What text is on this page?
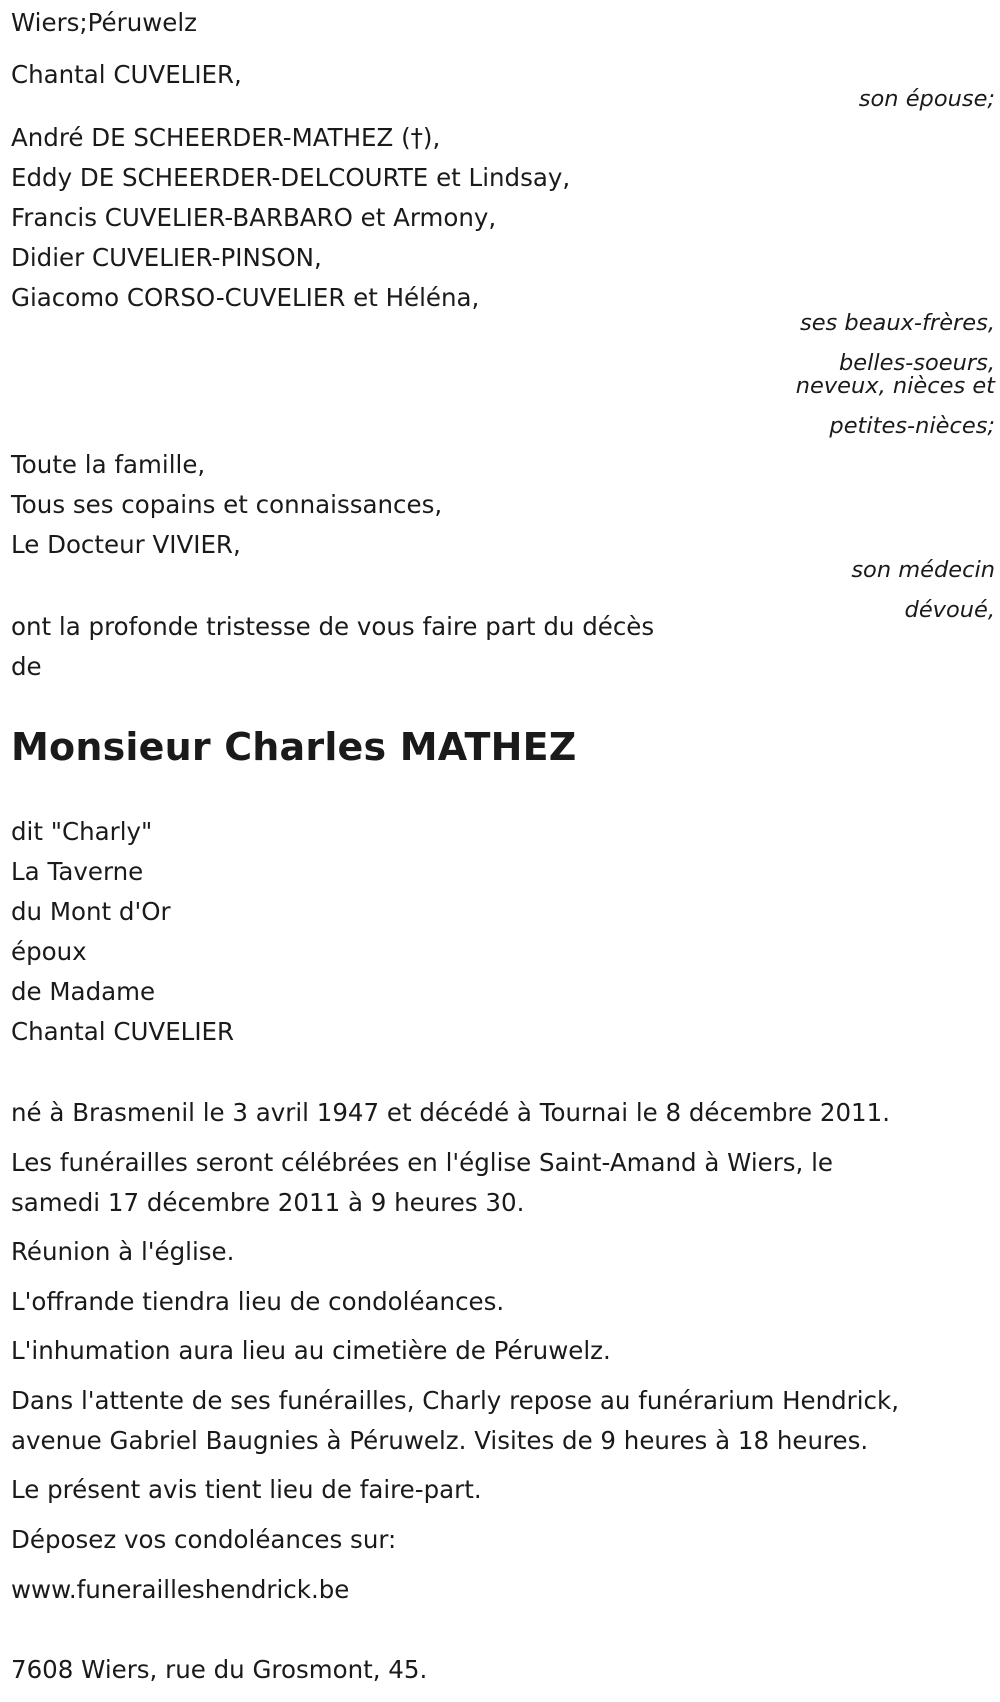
Wiers;Péruwelz

Chantal CUVELIER,

son épouse;

André DE SCHEERDER-MATHEZ (†),

Eddy DE SCHEERDER-DELCOURTE et Lindsay,

Francis CUVELIER-BARBARO et Armony,

Didier CUVELIER-PINSON,

Giacomo CORSO-CUVELIER et Héléna,

ses beaux-frères,

belles-soeurs,

neveux, nièces et

petites-nièces;

Toute la famille,

Tous ses copains et connaissances,

Le Docteur VIVIER,

son médecin

dévoué,

ont la profonde tristesse de vous faire part du décès

de

Monsieur Charles MATHEZ

dit "Charly"

La Taverne

du Mont d'Or

époux

de Madame

Chantal CUVELIER

né à Brasmenil le 3 avril 1947 et décédé à Tournai le 8 décembre 2011.

Les funérailles seront célébrées en l'église Saint-Amand à Wiers, le

samedi 17 décembre 2011 à 9 heures 30.

Réunion à l'église.

L'offrande tiendra lieu de condoléances.

L'inhumation aura lieu au cimetière de Péruwelz.

Dans l'attente de ses funérailles, Charly repose au funérarium Hendrick,

avenue Gabriel Baugnies à Péruwelz. Visites de 9 heures à 18 heures.

Le présent avis tient lieu de faire-part.

Déposez vos condoléances sur:

www.funerailleshendrick.be

7608 Wiers, rue du Grosmont, 45.
